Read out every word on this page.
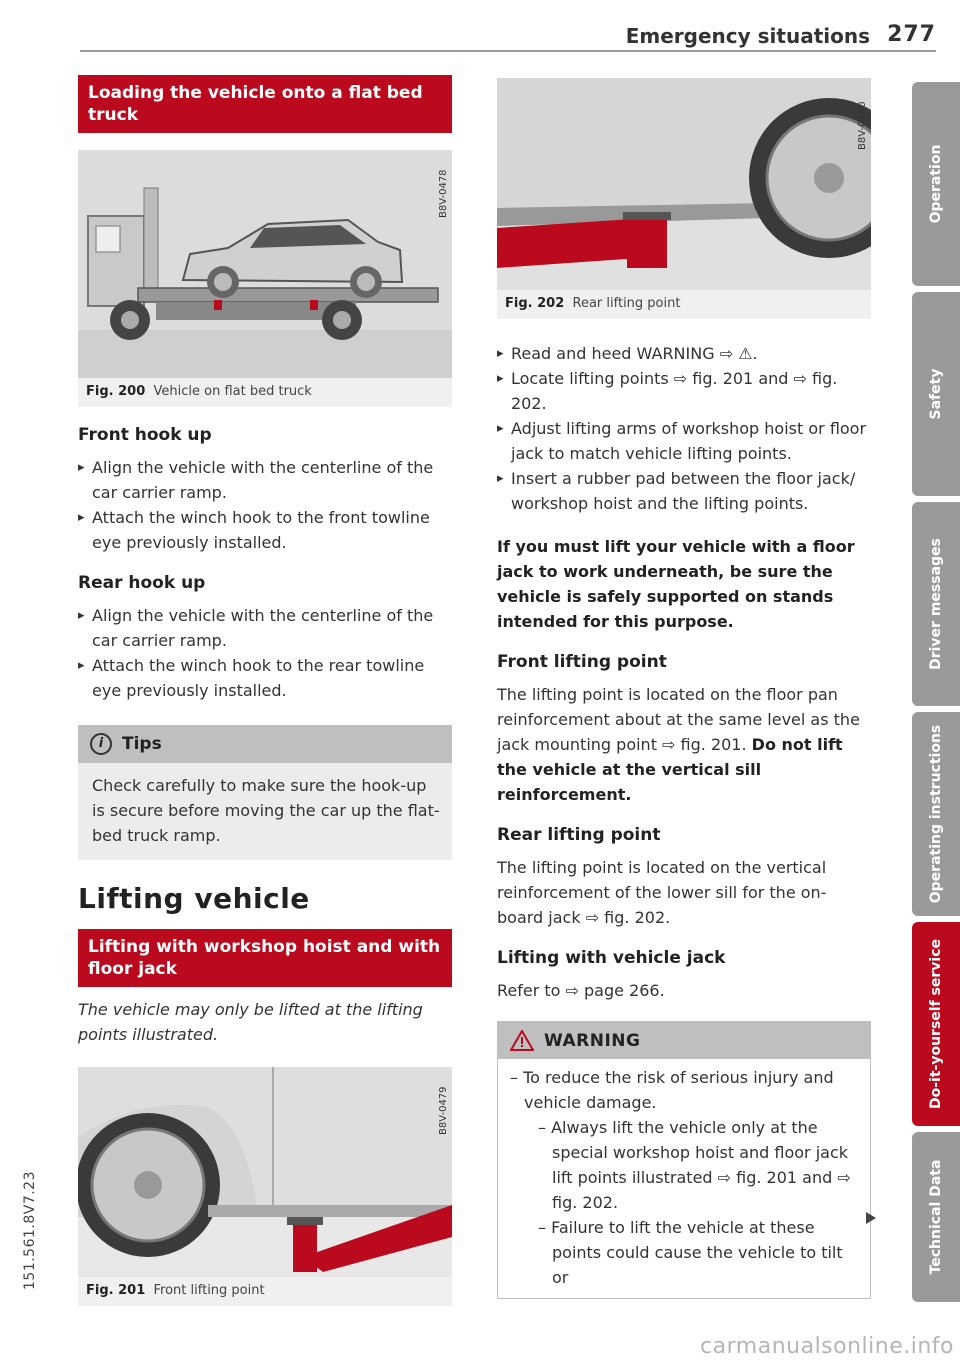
Emergency situations 277
Loading the vehicle onto a flat bed truck
B8V-0478
Fig. 200 Vehicle on flat bed truck
Front hook up
▸ Align the vehicle with the centerline of the car carrier ramp.
▸ Attach the winch hook to the front towline eye previously installed.
Rear hook up
▸ Align the vehicle with the centerline of the car carrier ramp.
▸ Attach the winch hook to the rear towline eye previously installed.
i	Tips
Check carefully to make sure the hook-up is secure before moving the car up the flat-bed truck ramp.
Lifting vehicle
Lifting with workshop hoist and with floor jack

The vehicle may only be lifted at the lifting points illustrated.

B8V-0479
Fig. 201 Front lifting point
B8V-0480
Fig. 202 Rear lifting point
▸ Read and heed WARNING ⇨ ⚠.
▸ Locate lifting points ⇨ fig. 201 and ⇨ fig. 202.
▸ Adjust lifting arms of workshop hoist or floor jack to match vehicle lifting points.
▸ Insert a rubber pad between the floor jack/ workshop hoist and the lifting points.

If you must lift your vehicle with a floor jack to work underneath, be sure the vehicle is safely supported on stands intended for this purpose.

Front lifting point

The lifting point is located on the floor pan reinforcement about at the same level as the jack mounting point ⇨ fig. 201. Do not lift the vehicle at the vertical sill reinforcement.

Rear lifting point

The lifting point is located on the vertical reinforcement of the lower sill for the on-board jack ⇨ fig. 202.

Lifting with vehicle jack

Refer to ⇨ page 266.

WARNING
– To reduce the risk of serious injury and vehicle damage.
– Always lift the vehicle only at the special workshop hoist and floor jack lift points illustrated ⇨ fig. 201 and ⇨ fig. 202.
– Failure to lift the vehicle at these points could cause the vehicle to tilt or
Operation
Safety
Driver messages
Operating instructions
Do-it-yourself service
Technical Data
151.561.8V7.23
carmanualsonline.info
